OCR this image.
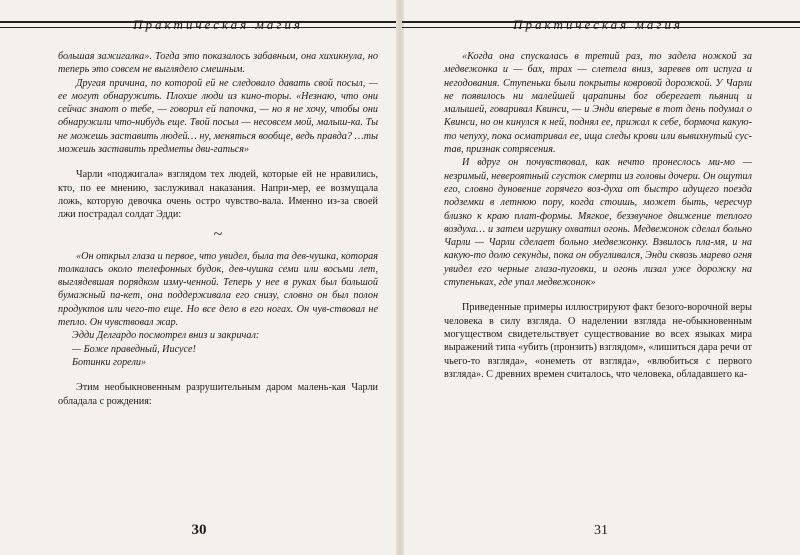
Практическая магия

большая зажигалка». Тогда это показалось забавным, она хихикнула, но теперь это совсем не выглядело смешным.

Другая причина, по которой ей не следовало давать свой посыл, — ее могут обнаружить. Плохие люди из кино-торы. «Незнаю, что они сейчас знают о тебе, — говорил ей папочка, — но я не хочу, чтобы они обнаружили что-нибудь еще. Твой посыл — несовсем мой, малыш-ка. Ты не можешь заставить людей… ну, меняться вообще, ведь правда? …ты можешь заставить предметы дви-гаться»

Чарли «поджигала» взглядом тех людей, которые ей не нравились, кто, по ее мнению, заслуживал наказания. Напри-мер, ее возмущала ложь, которую девочка очень остро чувство-вала. Именно из-за своей лжи пострадал солдат Эдди:

~

«Он открыл глаза и первое, что увидел, была та дев-чушка, которая толкалась около телефонных будок, дев-чушка семи или восьми лет, выглядевшая порядком изму-ченной. Теперь у нее в руках был большой бумажный па-кет, она поддерживала его снизу, словно он был полон продуктов или чего-то еще. Но все дело в его ногах. Он чув-ствовал не тепло. Он чувствовал жар.

Эдди Делгардо посмотрел вниз и закричал:

— Боже праведный, Иисусе!

Ботинки горели»

Этим необыкновенным разрушительным даром малень-кая Чарли обладала с рождения:

30
Практическая магия

«Когда она спускалась в третий раз, то задела ножкой за медвежонка и — бах, трах — слетела вниз, заревев от испуга и негодования. Ступеньки были покрыты ковровой дорожкой. У Чарли не появилось ни малейшей царапины бог оберегает пьяниц и малышей, говаривал Квинси, — и Энди впервые в тот день подумал о Квинси, но он кинулся к ней, поднял ее, прижал к себе, бормоча какую-то чепуху, пока осматривал ее, ища следы крови или вывихнутый сус-тав, признак сотрясения.

И вдруг он почувствовал, как нечто пронеслось ми-мо — незримый, невероятный сгусток смерти из головы дочери. Он ощутил его, словно дуновение горячего воз-духа от быстро идущего поезда подземки в летнюю пору, когда стоишь, может быть, чересчур близко к краю плат-формы. Мягкое, беззвучное движение теплого воздуха… и затем игрушку охватил огонь. Медвежонок сделал больно Чарли — Чарли сделает больно медвежонку. Взвилось пла-мя, и на какую-то долю секунды, пока он обугливался, Энди сквозь марево огня увидел его черные глаза-пуговки, и огонь лизал уже дорожку на ступеньках, где упал медвежонок»

Приведенные примеры иллюстрируют факт безого-ворочной веры человека в силу взгляда. О наделении взгляда не-обыкновенным могуществом свидетельствует существование во всех языках мира выражений типа «убить (пронзить) взглядом», «лишиться дара речи от чьего-то взгляда», «онеметь от взгляда», «влюбиться с первого взгляда». С древних времен считалось, что человека, обладавшего ка-

31
